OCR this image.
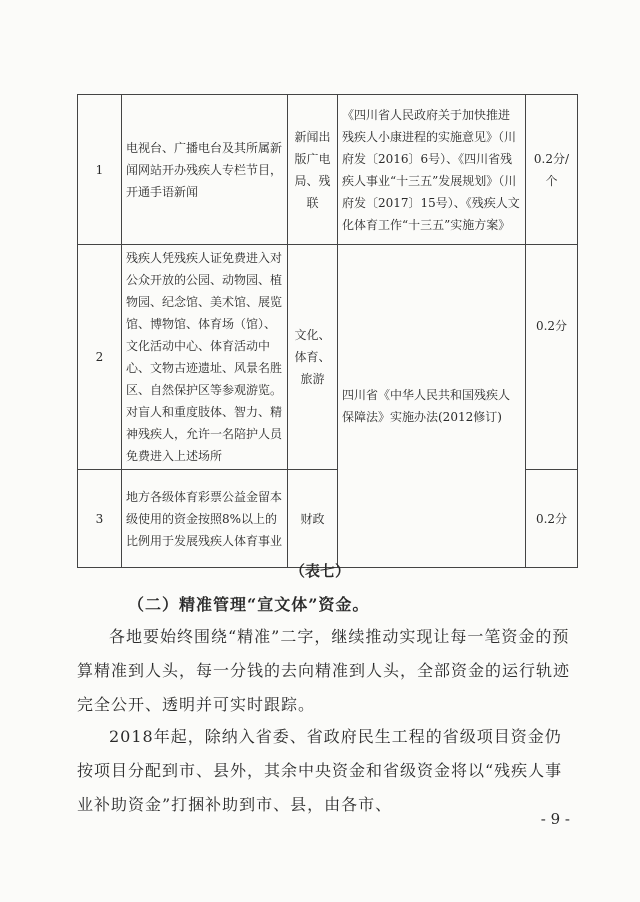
1	电视台、广播电台及其所属新闻网站开办残疾人专栏节目，开通手语新闻	新闻出版广电局、残联	《四川省人民政府关于加快推进残疾人小康进程的实施意见》（川府发〔2016〕6号）、《四川省残疾人事业“十三五”发展规划》（川府发〔2017〕15号）、《残疾人文化体育工作“十三五”实施方案》	0.2分/个
2	残疾人凭残疾人证免费进入对公众开放的公园、动物园、植物园、纪念馆、美术馆、展览馆、博物馆、体育场（馆）、文化活动中心、体育活动中心、文物古迹遗址、风景名胜区、自然保护区等参观游览。对盲人和重度肢体、智力、精神残疾人，允许一名陪护人员免费进入上述场所	文化、体育、旅游	四川省《中华人民共和国残疾人保障法》实施办法(2012修订)	0.2分
3	地方各级体育彩票公益金留本级使用的资金按照8%以上的比例用于发展残疾人体育事业	财政		0.2分
（表七）
（二）精准管理“宣文体”资金。
各地要始终围绕“精准”二字，继续推动实现让每一笔资金的预算精准到人头，每一分钱的去向精准到人头，全部资金的运行轨迹完全公开、透明并可实时跟踪。
2018年起，除纳入省委、省政府民生工程的省级项目资金仍按项目分配到市、县外，其余中央资金和省级资金将以“残疾人事业补助资金”打捆补助到市、县，由各市、
- 9 -
